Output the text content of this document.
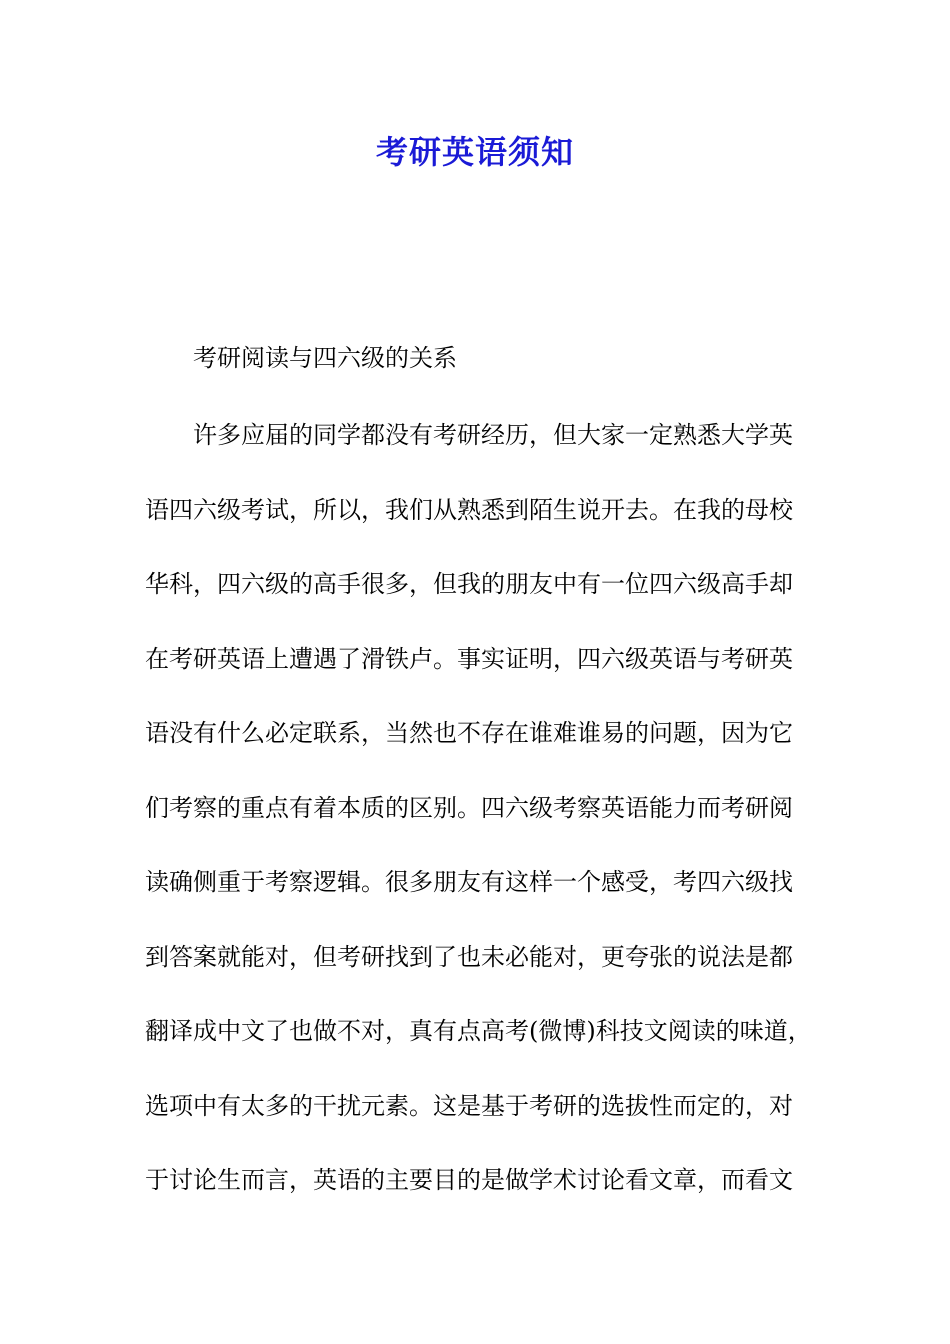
考研英语须知

考研阅读与四六级的关系

许多应届的同学都没有考研经历，但大家一定熟悉大学英
语四六级考试，所以，我们从熟悉到陌生说开去。在我的母校
华科，四六级的高手很多，但我的朋友中有一位四六级高手却
在考研英语上遭遇了滑铁卢。事实证明，四六级英语与考研英
语没有什么必定联系，当然也不存在谁难谁易的问题，因为它
们考察的重点有着本质的区别。四六级考察英语能力而考研阅
读确侧重于考察逻辑。很多朋友有这样一个感受，考四六级找
到答案就能对，但考研找到了也未必能对，更夸张的说法是都
翻译成中文了也做不对，真有点高考(微博)科技文阅读的味道，
选项中有太多的干扰元素。这是基于考研的选拔性而定的，对
于讨论生而言，英语的主要目的是做学术讨论看文章，而看文
